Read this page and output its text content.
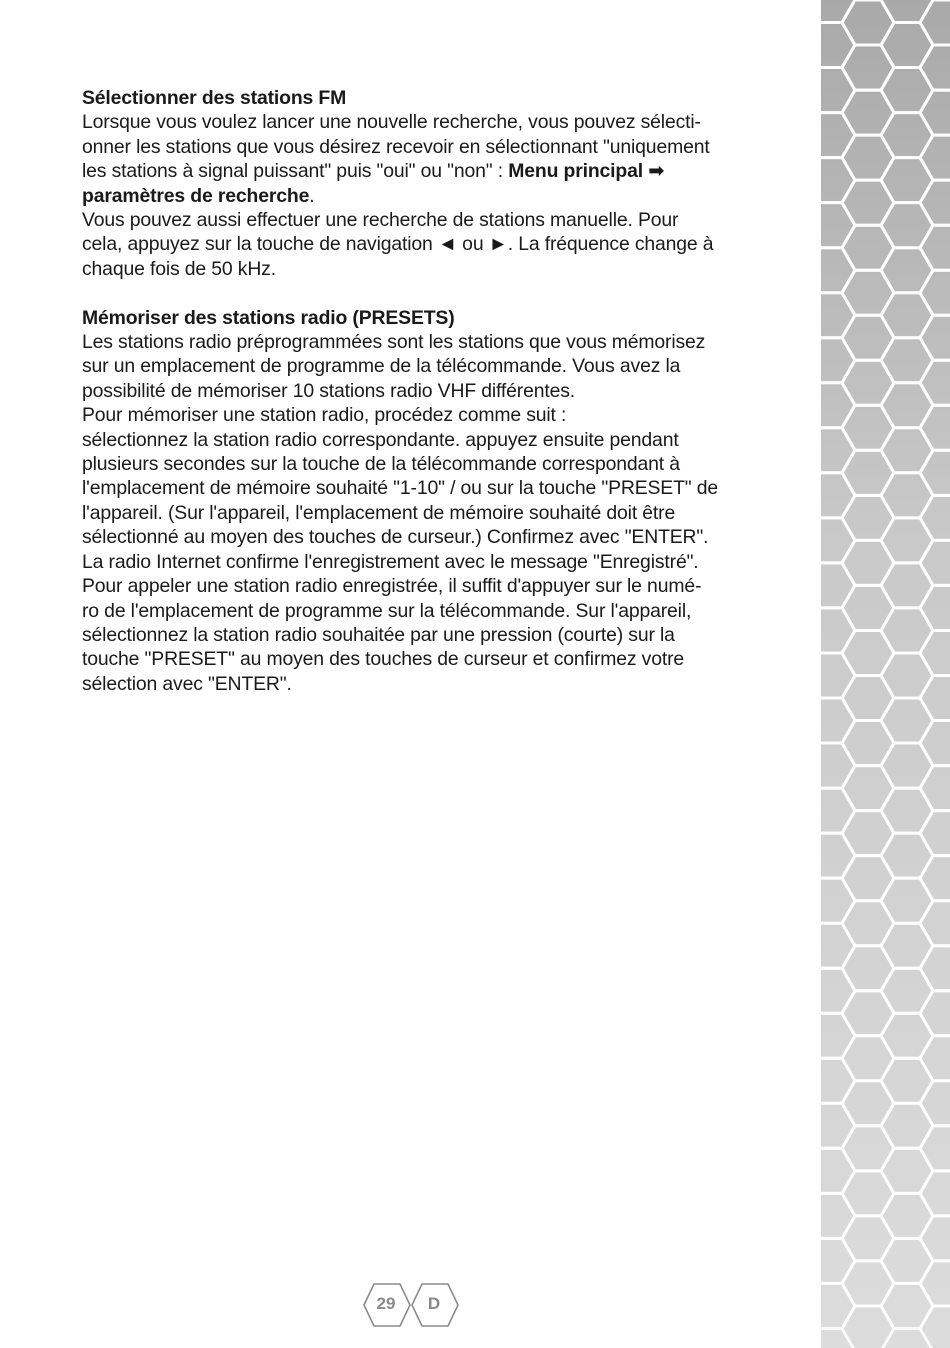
Sélectionner des stations FM

Lorsque vous voulez lancer une nouvelle recherche, vous pouvez sélecti-
onner les stations que vous désirez recevoir en sélectionnant "uniquement
les stations à signal puissant" puis "oui" ou "non" : Menu principal ➡
paramètres de recherche.

Vous pouvez aussi effectuer une recherche de stations manuelle. Pour
cela, appuyez sur la touche de navigation ◄ ou ►. La fréquence change à
chaque fois de 50 kHz.

Mémoriser des stations radio (PRESETS)

Les stations radio préprogrammées sont les stations que vous mémorisez
sur un emplacement de programme de la télécommande. Vous avez la
possibilité de mémoriser 10 stations radio VHF différentes.
Pour mémoriser une station radio, procédez comme suit :
sélectionnez la station radio correspondante. appuyez ensuite pendant
plusieurs secondes sur la touche de la télécommande correspondant à
l'emplacement de mémoire souhaité "1-10" / ou sur la touche "PRESET" de
l'appareil. (Sur l'appareil, l'emplacement de mémoire souhaité doit être
sélectionné au moyen des touches de curseur.) Confirmez avec "ENTER".
La radio Internet confirme l'enregistrement avec le message "Enregistré".
Pour appeler une station radio enregistrée, il suffit d'appuyer sur le numé-
ro de l'emplacement de programme sur la télécommande. Sur l'appareil,
sélectionnez la station radio souhaitée par une pression (courte) sur la
touche "PRESET" au moyen des touches de curseur et confirmez votre
sélection avec "ENTER".

29	D
